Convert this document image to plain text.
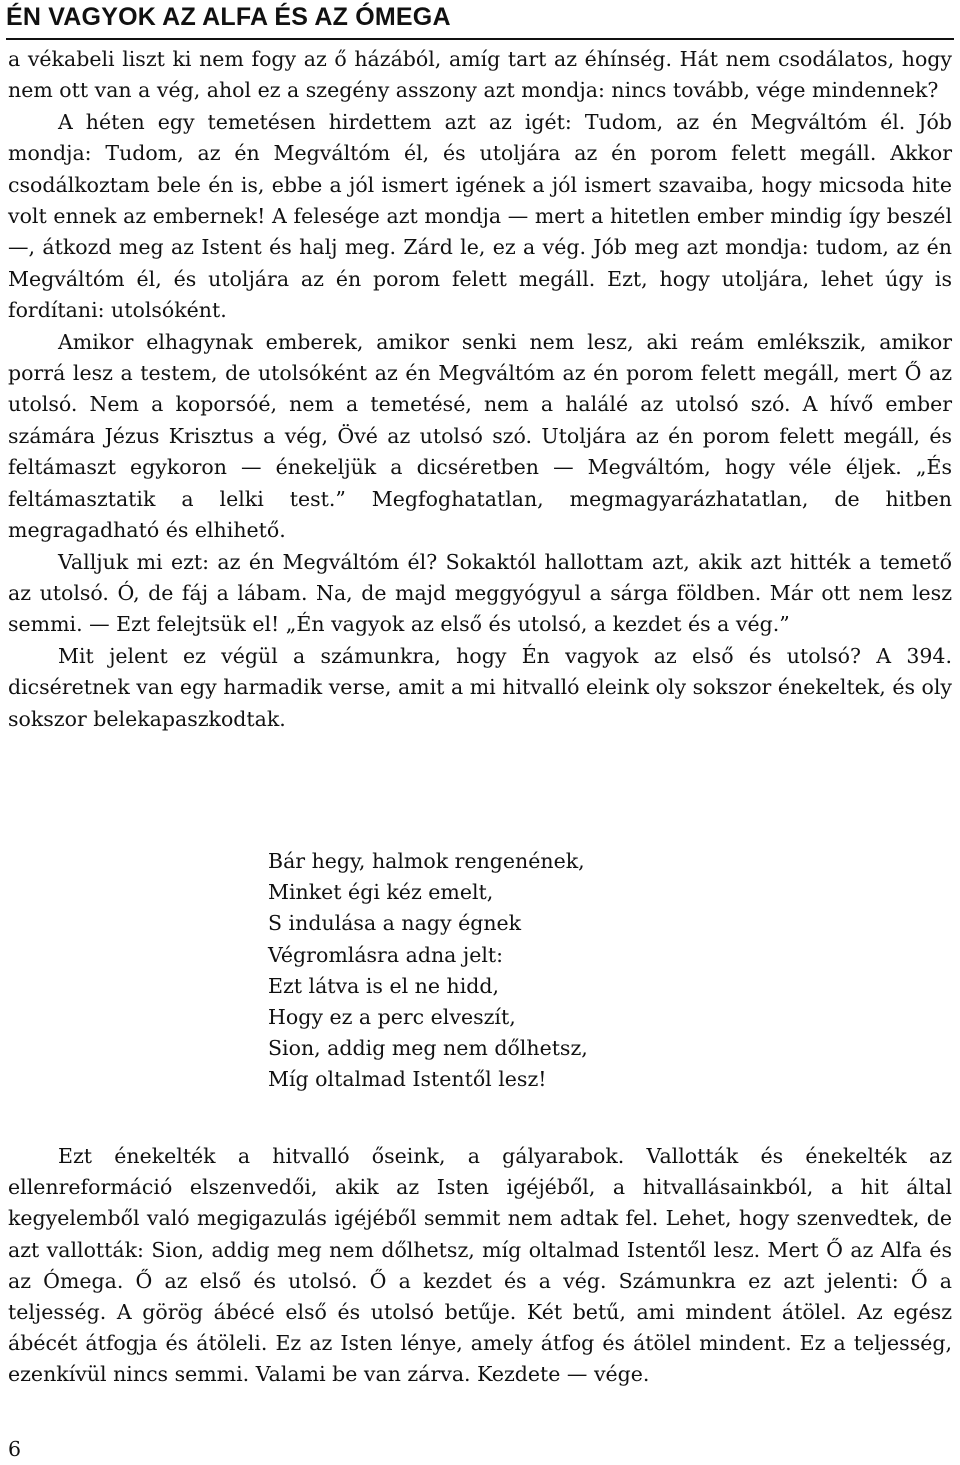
ÉN VAGYOK AZ ALFA ÉS AZ ÓMEGA

a vékabeli liszt ki nem fogy az ő házából, amíg tart az éhínség. Hát nem csodálatos, hogy nem ott van a vég, ahol ez a szegény asszony azt mondja: nincs tovább, vége mindennek?

A héten egy temetésen hirdettem azt az igét: Tudom, az én Megváltóm él. Jób mondja: Tudom, az én Megváltóm él, és utoljára az én porom felett megáll. Akkor csodálkoztam bele én is, ebbe a jól ismert igének a jól ismert szavaiba, hogy micsoda hite volt ennek az embernek! A felesége azt mondja — mert a hitetlen ember mindig így beszél —, átkozd meg az Istent és halj meg. Zárd le, ez a vég. Jób meg azt mondja: tudom, az én Megváltóm él, és utoljára az én porom felett megáll. Ezt, hogy utoljára, lehet úgy is fordítani: utolsóként.

Amikor elhagynak emberek, amikor senki nem lesz, aki reám emlékszik, amikor porrá lesz a testem, de utolsóként az én Megváltóm az én porom felett megáll, mert Ő az utolsó. Nem a koporsóé, nem a temetésé, nem a halálé az utolsó szó. A hívő ember számára Jézus Krisztus a vég, Övé az utolsó szó. Utoljára az én porom felett megáll, és feltámaszt egykoron — énekeljük a dicséretben — Megváltóm, hogy véle éljek. „És feltámasztatik a lelki test.” Megfoghatatlan, megmagyarázhatatlan, de hitben megragadható és elhihető.

Valljuk mi ezt: az én Megváltóm él? Sokaktól hallottam azt, akik azt hitték a temető az utolsó. Ó, de fáj a lábam. Na, de majd meggyógyul a sárga földben. Már ott nem lesz semmi. — Ezt felejtsük el! „Én vagyok az első és utolsó, a kezdet és a vég.”

Mit jelent ez végül a számunkra, hogy Én vagyok az első és utolsó? A 394. dicséretnek van egy harmadik verse, amit a mi hitvalló eleink oly sokszor énekeltek, és oly sokszor belekapaszkodtak.

Bár hegy, halmok rengenének,
Minket égi kéz emelt,
S indulása a nagy égnek
Végromlásra adna jelt:
Ezt látva is el ne hidd,
Hogy ez a perc elveszít,
Sion, addig meg nem dőlhetsz,
Míg oltalmad Istentől lesz!

Ezt énekelték a hitvalló őseink, a gályarabok. Vallották és énekelték az ellenreformáció elszenvedői, akik az Isten igéjéből, a hitvallásainkból, a hit által kegyelemből való megigazulás igéjéből semmit nem adtak fel. Lehet, hogy szenvedtek, de azt vallották: Sion, addig meg nem dőlhetsz, míg oltalmad Istentől lesz. Mert Ő az Alfa és az Ómega. Ő az első és utolsó. Ő a kezdet és a vég. Számunkra ez azt jelenti: Ő a teljesség. A görög ábécé első és utolsó betűje. Két betű, ami mindent átölel. Az egész ábécét átfogja és átöleli. Ez az Isten lénye, amely átfog és átölel mindent. Ez a teljesség, ezenkívül nincs semmi. Valami be van zárva. Kezdete — vége.

6
